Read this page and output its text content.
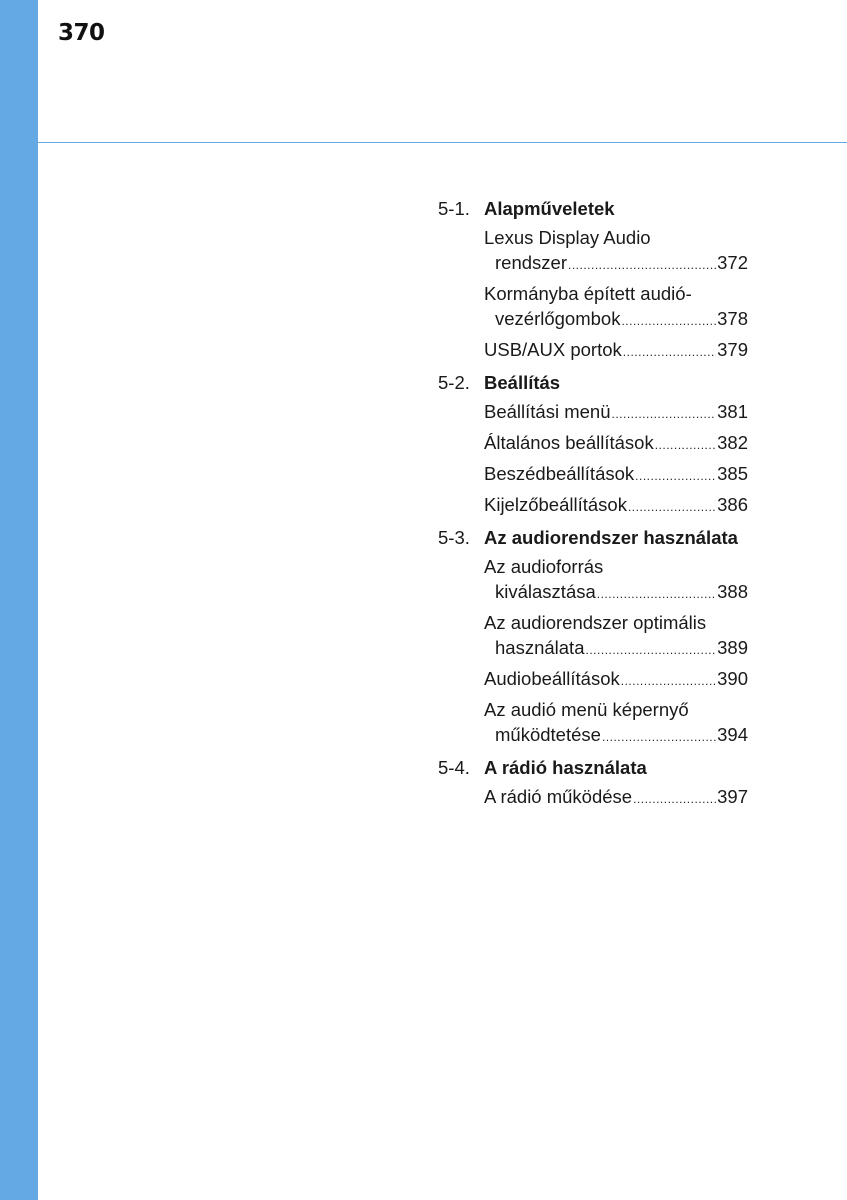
370
5-1. Alapműveletek
Lexus Display Audio
rendszer .....	372
Kormányba épített audió-
vezérlőgombok .....	378
USB/AUX portok .....	379
5-2. Beállítás
Beállítási menü .....	381
Általános beállítások .....	382
Beszédbeállítások .....	385
Kijelzőbeállítások .....	386
5-3. Az audiorendszer használata
Az audioforrás
kiválasztása .....	388
Az audiorendszer optimális
használata .....	389
Audiobeállítások .....	390
Az audió menü képernyő
működtetése .....	394
5-4. A rádió használata
A rádió működése .....	397
